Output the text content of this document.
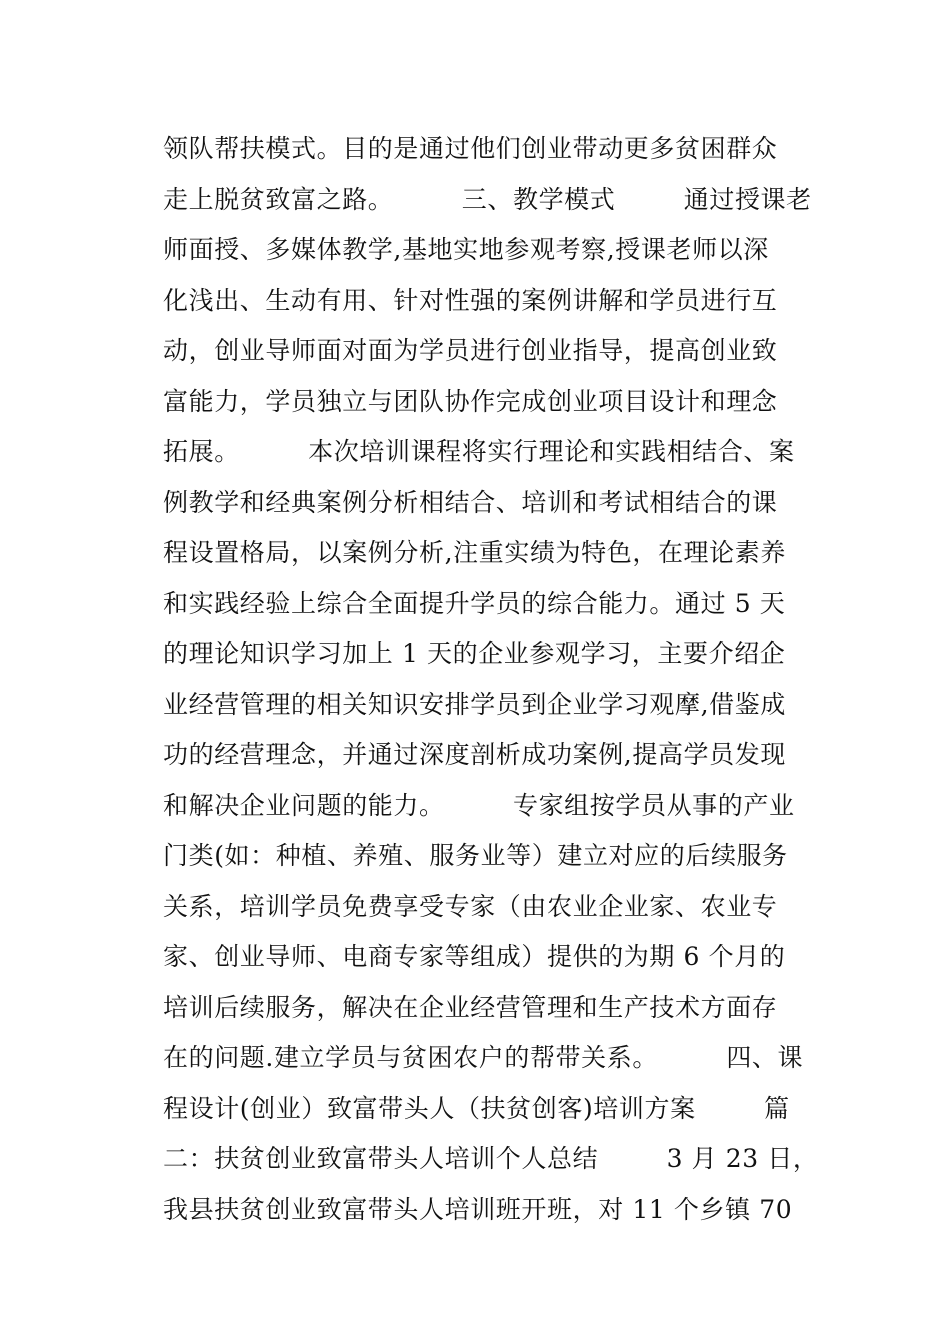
领队帮扶模式。目的是通过他们创业带动更多贫困群众
走上脱贫致富之路。        三、教学模式        通过授课老
师面授、多媒体教学,基地实地参观考察,授课老师以深
化浅出、生动有用、针对性强的案例讲解和学员进行互
动，创业导师面对面为学员进行创业指导，提高创业致
富能力，学员独立与团队协作完成创业项目设计和理念
拓展。        本次培训课程将实行理论和实践相结合、案
例教学和经典案例分析相结合、培训和考试相结合的课
程设置格局，以案例分析,注重实绩为特色，在理论素养
和实践经验上综合全面提升学员的综合能力。通过 5 天
的理论知识学习加上 1 天的企业参观学习，主要介绍企
业经营管理的相关知识安排学员到企业学习观摩,借鉴成
功的经营理念，并通过深度剖析成功案例,提高学员发现
和解决企业问题的能力。        专家组按学员从事的产业
门类(如：种植、养殖、服务业等）建立对应的后续服务
关系，培训学员免费享受专家（由农业企业家、农业专
家、创业导师、电商专家等组成）提供的为期 6 个月的
培训后续服务，解决在企业经营管理和生产技术方面存
在的问题.建立学员与贫困农户的帮带关系。        四、课
程设计(创业）致富带头人（扶贫创客)培训方案        篇
二：扶贫创业致富带头人培训个人总结        3 月 23 日，
我县扶贫创业致富带头人培训班开班，对 11 个乡镇 70
